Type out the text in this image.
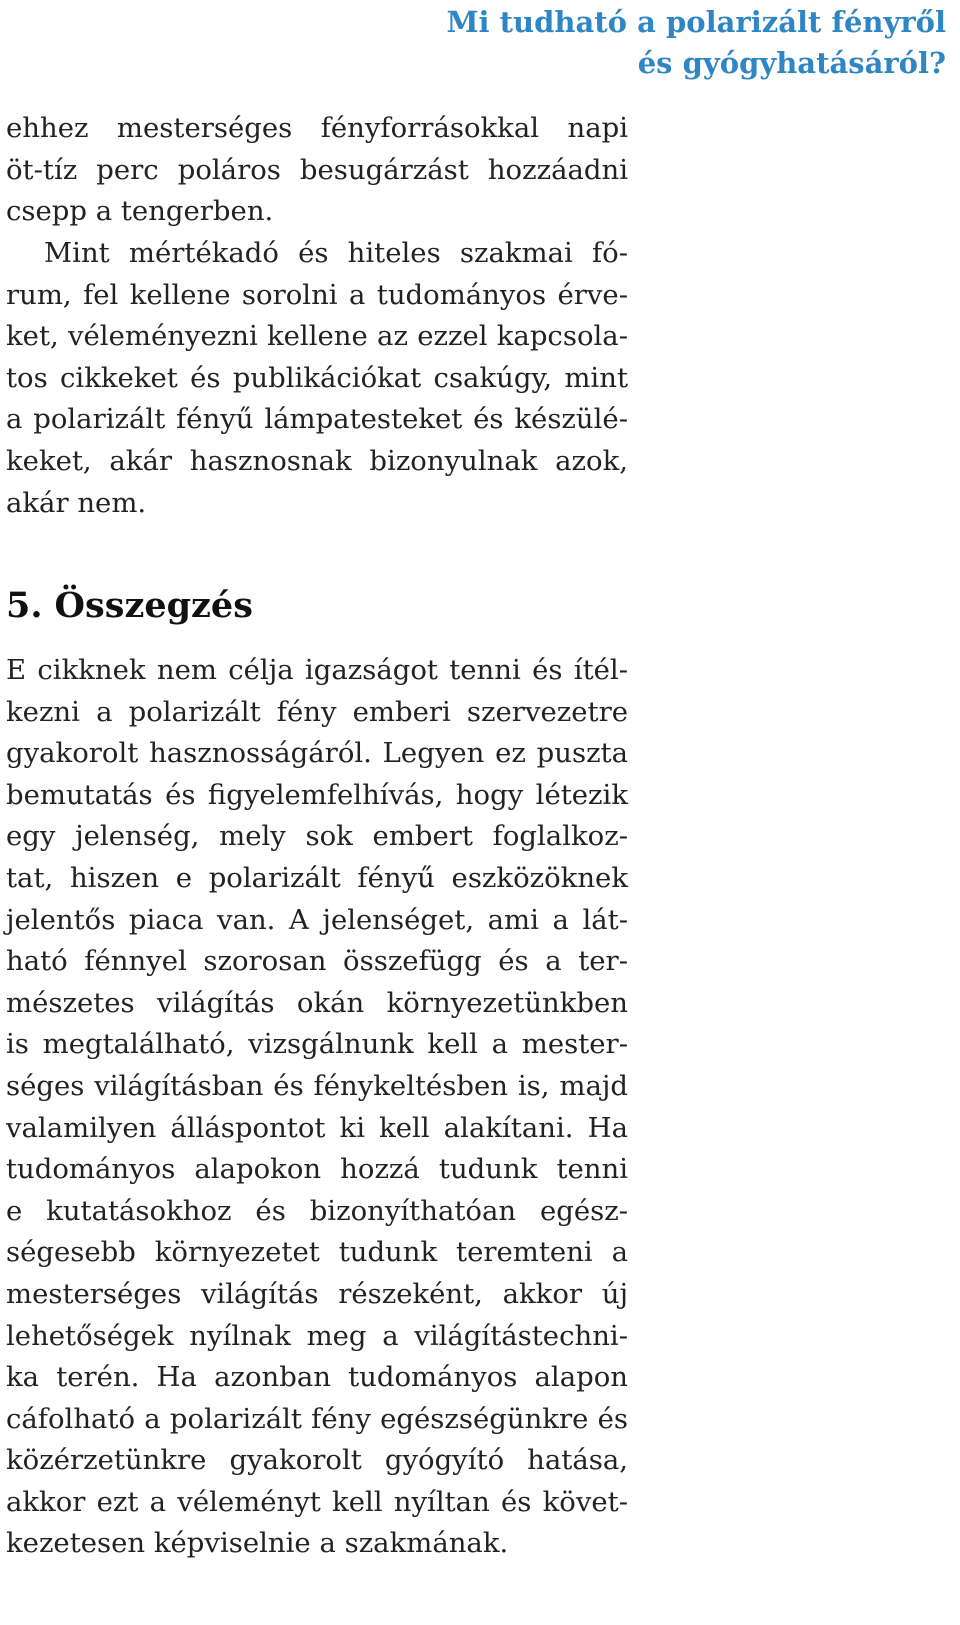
Mi tudható a polarizált fényről
és gyógyhatásáról?
ehhez mesterséges fényforrásokkal napi
öt-tíz perc poláros besugárzást hozzáadni
csepp a tengerben.
Mint mértékadó és hiteles szakmai fó-
rum, fel kellene sorolni a tudományos érve-
ket, véleményezni kellene az ezzel kapcsola-
tos cikkeket és publikációkat csakúgy, mint
a polarizált fényű lámpatesteket és készülé-
keket, akár hasznosnak bizonyulnak azok,
akár nem.
5. Összegzés
E cikknek nem célja igazságot tenni és ítél-
kezni a polarizált fény emberi szervezetre
gyakorolt hasznosságáról. Legyen ez puszta
bemutatás és figyelemfelhívás, hogy létezik
egy jelenség, mely sok embert foglalkoz-
tat, hiszen e polarizált fényű eszközöknek
jelentős piaca van. A jelenséget, ami a lát-
ható fénnyel szorosan összefügg és a ter-
mészetes világítás okán környezetünkben
is megtalálható, vizsgálnunk kell a mester-
séges világításban és fénykeltésben is, majd
valamilyen álláspontot ki kell alakítani. Ha
tudományos alapokon hozzá tudunk tenni
e kutatásokhoz és bizonyíthatóan egész-
ségesebb környezetet tudunk teremteni a
mesterséges világítás részeként, akkor új
lehetőségek nyílnak meg a világítástechni-
ka terén. Ha azonban tudományos alapon
cáfolható a polarizált fény egészségünkre és
közérzetünkre gyakorolt gyógyító hatása,
akkor ezt a véleményt kell nyíltan és követ-
kezetesen képviselnie a szakmának.
